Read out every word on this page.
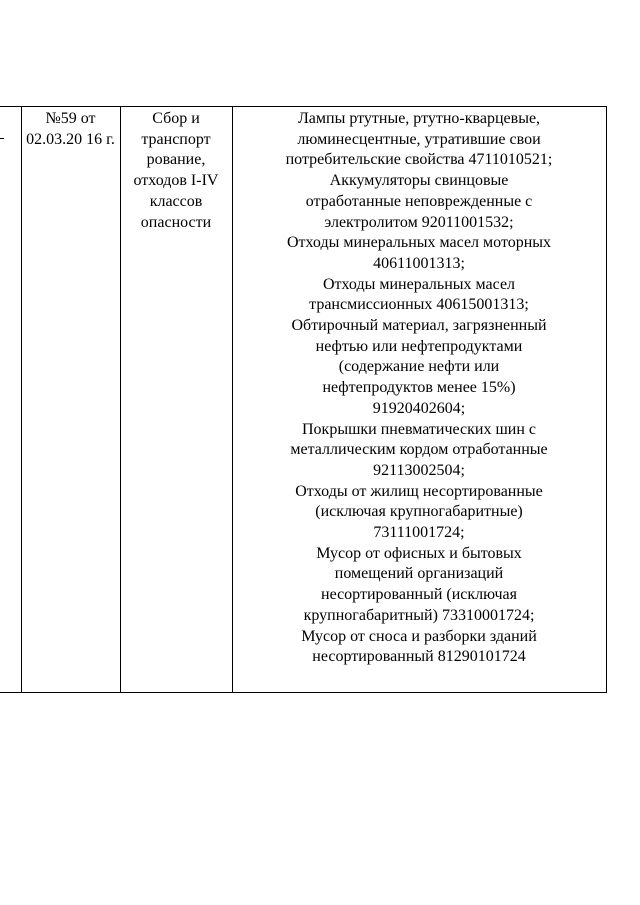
№59 от 02.03.20 16 г.

Сбор и транспорт рование, отходов I-IV классов опасности

Лампы ртутные, ртутно-кварцевые,
люминесцентные, утратившие свои
потребительские свойства 4711010521;
Аккумуляторы свинцовые
отработанные неповрежденные с
электролитом 92011001532;
Отходы минеральных масел моторных
40611001313;
Отходы минеральных масел
трансмиссионных 40615001313;
Обтирочный материал, загрязненный
нефтью или нефтепродуктами
(содержание нефти или
нефтепродуктов менее 15%)
91920402604;
Покрышки пневматических шин с
металлическим кордом отработанные
92113002504;
Отходы от жилищ несортированные
(исключая крупногабаритные)
73111001724;
Мусор от офисных и бытовых
помещений организаций
несортированный (исключая
крупногабаритный) 73310001724;
Мусор от сноса и разборки зданий
несортированный 81290101724
